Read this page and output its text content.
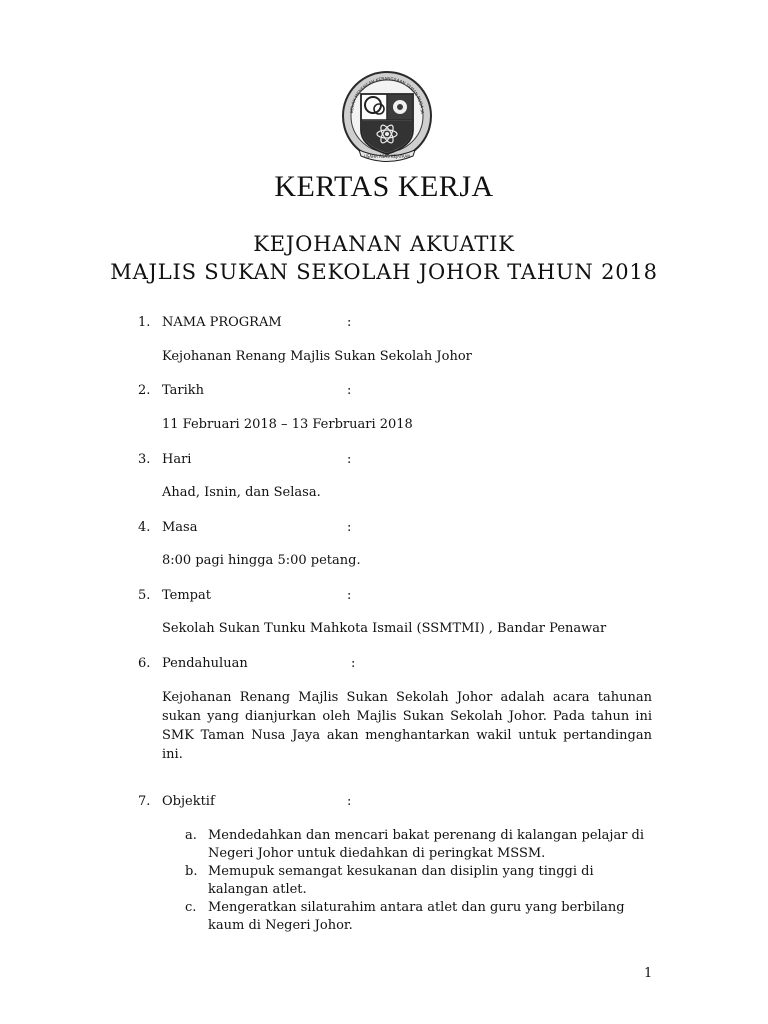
KOLAH MENENGAH KEBANGSAAN TAMAN NUSA JA
USAHA ASAS KEJAYAAN
KERTAS KERJA
KEJOHANAN AKUATIK
MAJLIS SUKAN SEKOLAH JOHOR TAHUN 2018
1. NAMA PROGRAM	:
Kejohanan Renang Majlis Sukan Sekolah Johor
2. Tarikh	:
11 Februari 2018 – 13 Ferbruari 2018
3. Hari	:
Ahad, Isnin, dan Selasa.
4. Masa	:
8:00 pagi hingga 5:00 petang.
5. Tempat	:
Sekolah Sukan Tunku Mahkota Ismail (SSMTMI) , Bandar Penawar
6. Pendahuluan	:

Kejohanan Renang Majlis Sukan Sekolah Johor adalah acara tahunan sukan yang dianjurkan oleh Majlis Sukan Sekolah Johor. Pada tahun ini SMK Taman Nusa Jaya akan menghantarkan wakil untuk pertandingan ini.

7. Objektif	:
a. Mendedahkan dan mencari bakat perenang di kalangan pelajar di Negeri Johor untuk diedahkan di peringkat MSSM.
b. Memupuk semangat kesukanan dan disiplin yang tinggi di kalangan atlet.
c. Mengeratkan silaturahim antara atlet dan guru yang berbilang kaum di Negeri Johor.
1
